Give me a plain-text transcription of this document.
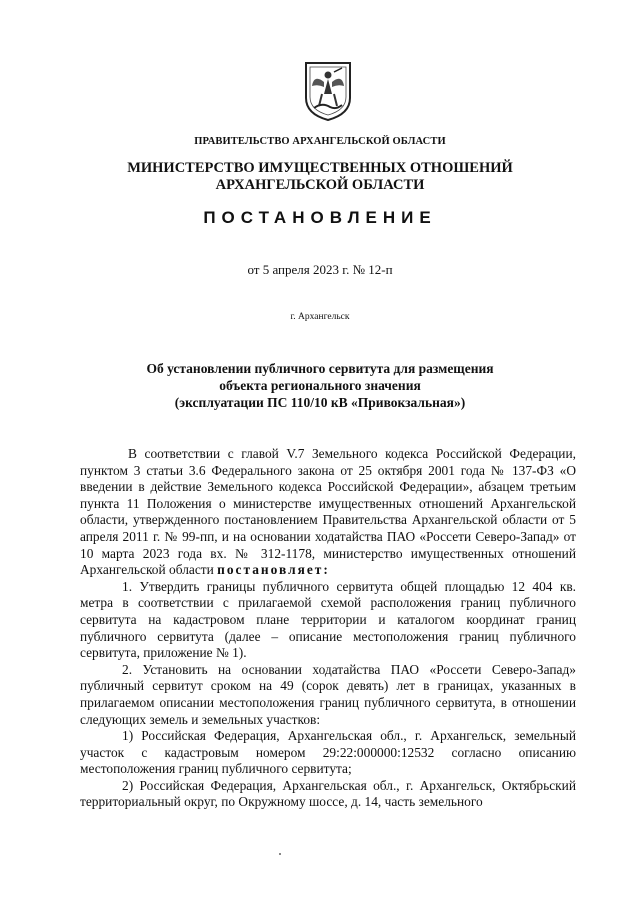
ПРАВИТЕЛЬСТВО АРХАНГЕЛЬСКОЙ ОБЛАСТИ
МИНИСТЕРСТВО ИМУЩЕСТВЕННЫХ ОТНОШЕНИЙ
АРХАНГЕЛЬСКОЙ ОБЛАСТИ
ПОСТАНОВЛЕНИЕ
от 5 апреля 2023 г. № 12-п
г. Архангельск
Об установлении публичного сервитута для размещения
объекта регионального значения
(эксплуатации ПС 110/10 кВ «Привокзальная»)

В соответствии с главой V.7 Земельного кодекса Российской Федерации, пунктом 3 статьи 3.6 Федерального закона от 25 октября 2001 года № 137-ФЗ «О введении в действие Земельного кодекса Российской Федерации», абзацем третьим пункта 11 Положения о министерстве имущественных отношений Архангельской области, утвержденного постановлением Правительства Архангельской области от 5 апреля 2011 г. № 99-пп, и на основании ходатайства ПАО «Россети Северо-Запад» от 10 марта 2023 года вх. № 312-1178, министерство имущественных отношений Архангельской области постановляет:

1. Утвердить границы публичного сервитута общей площадью 12 404 кв. метра в соответствии с прилагаемой схемой расположения границ публичного сервитута на кадастровом плане территории и каталогом координат границ публичного сервитута (далее – описание местоположения границ публичного сервитута, приложение № 1).

2. Установить на основании ходатайства ПАО «Россети Северо-Запад» публичный сервитут сроком на 49 (сорок девять) лет в границах, указанных в прилагаемом описании местоположения границ публичного сервитута, в отношении следующих земель и земельных участков:

1) Российская Федерация, Архангельская обл., г. Архангельск, земельный участок с кадастровым номером 29:22:000000:12532 согласно описанию местоположения границ публичного сервитута;

2) Российская Федерация, Архангельская обл., г. Архангельск, Октябрьский территориальный округ, по Окружному шоссе, д. 14, часть земельного
